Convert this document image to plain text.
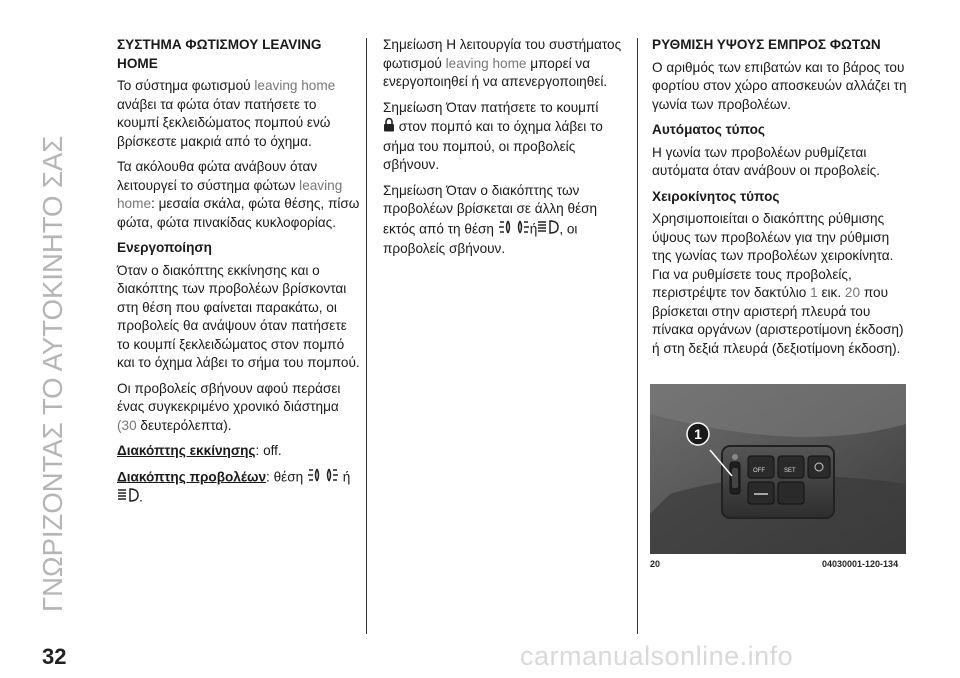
ΓΝΩΡΙΖΟΝΤΑΣ ΤΟ ΑΥΤΟΚΙΝΗΤΟ ΣΑΣ
32
ΣΥΣΤΗΜΑ ΦΩΤΙΣΜΟΥ LEAVING HOME

Το σύστημα φωτισμού leaving home ανάβει τα φώτα όταν πατήσετε το κουμπί ξεκλειδώματος πομπού ενώ βρίσκεστε μακριά από το όχημα.

Τα ακόλουθα φώτα ανάβουν όταν λειτουργεί το σύστημα φώτων leaving home: μεσαία σκάλα, φώτα θέσης, πίσω φώτα, φώτα πινακίδας κυκλοφορίας.

Ενεργοποίηση

Όταν ο διακόπτης εκκίνησης και ο διακόπτης των προβολέων βρίσκονται στη θέση που φαίνεται παρακάτω, οι προβολείς θα ανάψουν όταν πατήσετε το κουμπί ξεκλειδώματος στον πομπό και το όχημα λάβει το σήμα του πομπού.

Οι προβολείς σβήνουν αφού περάσει ένας συγκεκριμένο χρονικό διάστημα (30 δευτερόλεπτα).

Διακόπτης εκκίνησης: off.

Διακόπτης προβολέων: θέση  ή
.

Σημείωση Η λειτουργία του συστήματος φωτισμού leaving home μπορεί να ενεργοποιηθεί ή να απενεργοποιηθεί.

Σημείωση Όταν πατήσετε το κουμπί
στον πομπό και το όχημα λάβει το σήμα του πομπού, οι προβολείς σβήνουν.

Σημείωση Όταν ο διακόπτης των προβολέων βρίσκεται σε άλλη θέση εκτός από τη θέση ή , οι προβολείς σβήνουν.

ΡΥΘΜΙΣΗ ΥΨΟΥΣ ΕΜΠΡΟΣ ΦΩΤΩΝ

Ο αριθμός των επιβατών και το βάρος του φορτίου στον χώρο αποσκευών αλλάζει τη γωνία των προβολέων.

Αυτόματος τύπος

Η γωνία των προβολέων ρυθμίζεται αυτόματα όταν ανάβουν οι προβολείς.

Χειροκίνητος τύπος

Χρησιμοποιείται ο διακόπτης ρύθμισης ύψους των προβολέων για την ρύθμιση της γωνίας των προβολέων χειροκίνητα. Για να ρυθμίσετε τους προβολείς, περιστρέψτε τον δακτύλιο 1 εικ. 20 που βρίσκεται στην αριστερή πλευρά του πίνακα οργάνων (αριστεροτίμονη έκδοση) ή στη δεξιά πλευρά (δεξιοτίμονη έκδοση).

OFF	SET
1
20	04030001-120-134
carmanualsonline.info
